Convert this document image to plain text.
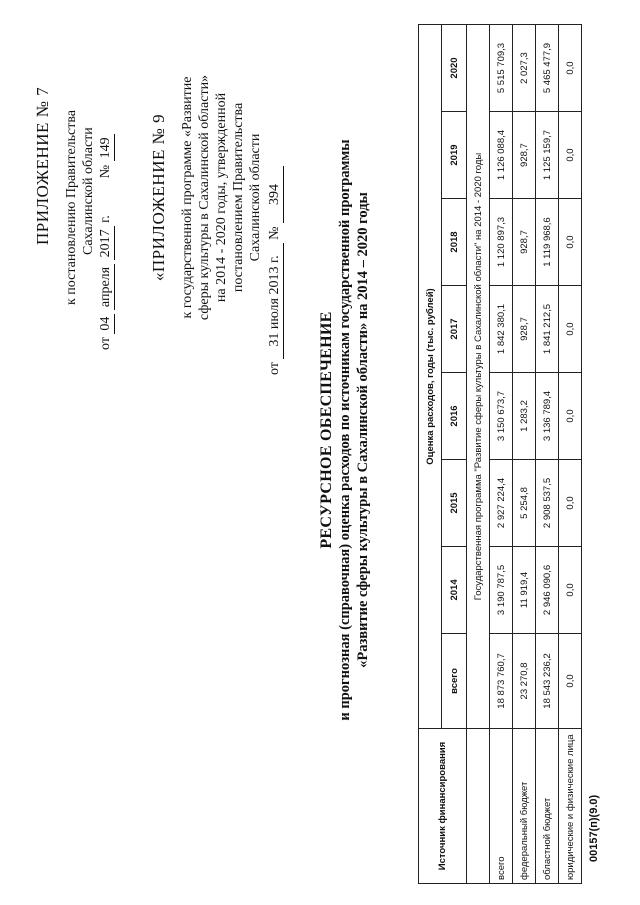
ПРИЛОЖЕНИЕ № 7 к постановлению Правительства Сахалинской области
от 04 апреля 2017 г.  № 149 «ПРИЛОЖЕНИЕ № 9 к государственной программе «Развитие сферы культуры в Сахалинской области» на 2014 - 2020 годы, утвержденной постановлением Правительства Сахалинской области
от 31 июля 2013 г. № 394
РЕСУРСНОЕ ОБЕСПЕЧЕНИЕ и прогнозная (справочная) оценка расходов по источникам государственной программы «Развитие сферы культуры в Сахалинской области» на 2014 – 2020 годы
Источник финансирования	Оценка расходов, годы (тыс. рублей)							
	всего	2014	2015	2016	2017	2018	2019	2020
	Государственная программа "Развитие сферы культуры в Сахалинской области" на 2014 - 2020 годы							
всего	18 873 760,7	3 190 787,5	2 927 224,4	3 150 673,7	1 842 380,1	1 120 897,3	1 126 088,4	5 515 709,3
федеральный бюджет	23 270,8	11 919,4	5 254,8	1 283,2	928,7	928,7	928,7	2 027,3
областной бюджет	18 543 236,2	2 946 090,6	2 908 537,5	3 136 789,4	1 841 212,5	1 119 968,6	1 125 159,7	5 465 477,9
юридические и физические лица	0,0	0,0	0,0	0,0	0,0	0,0	0,0	0,0
00157(п)(9.0)
